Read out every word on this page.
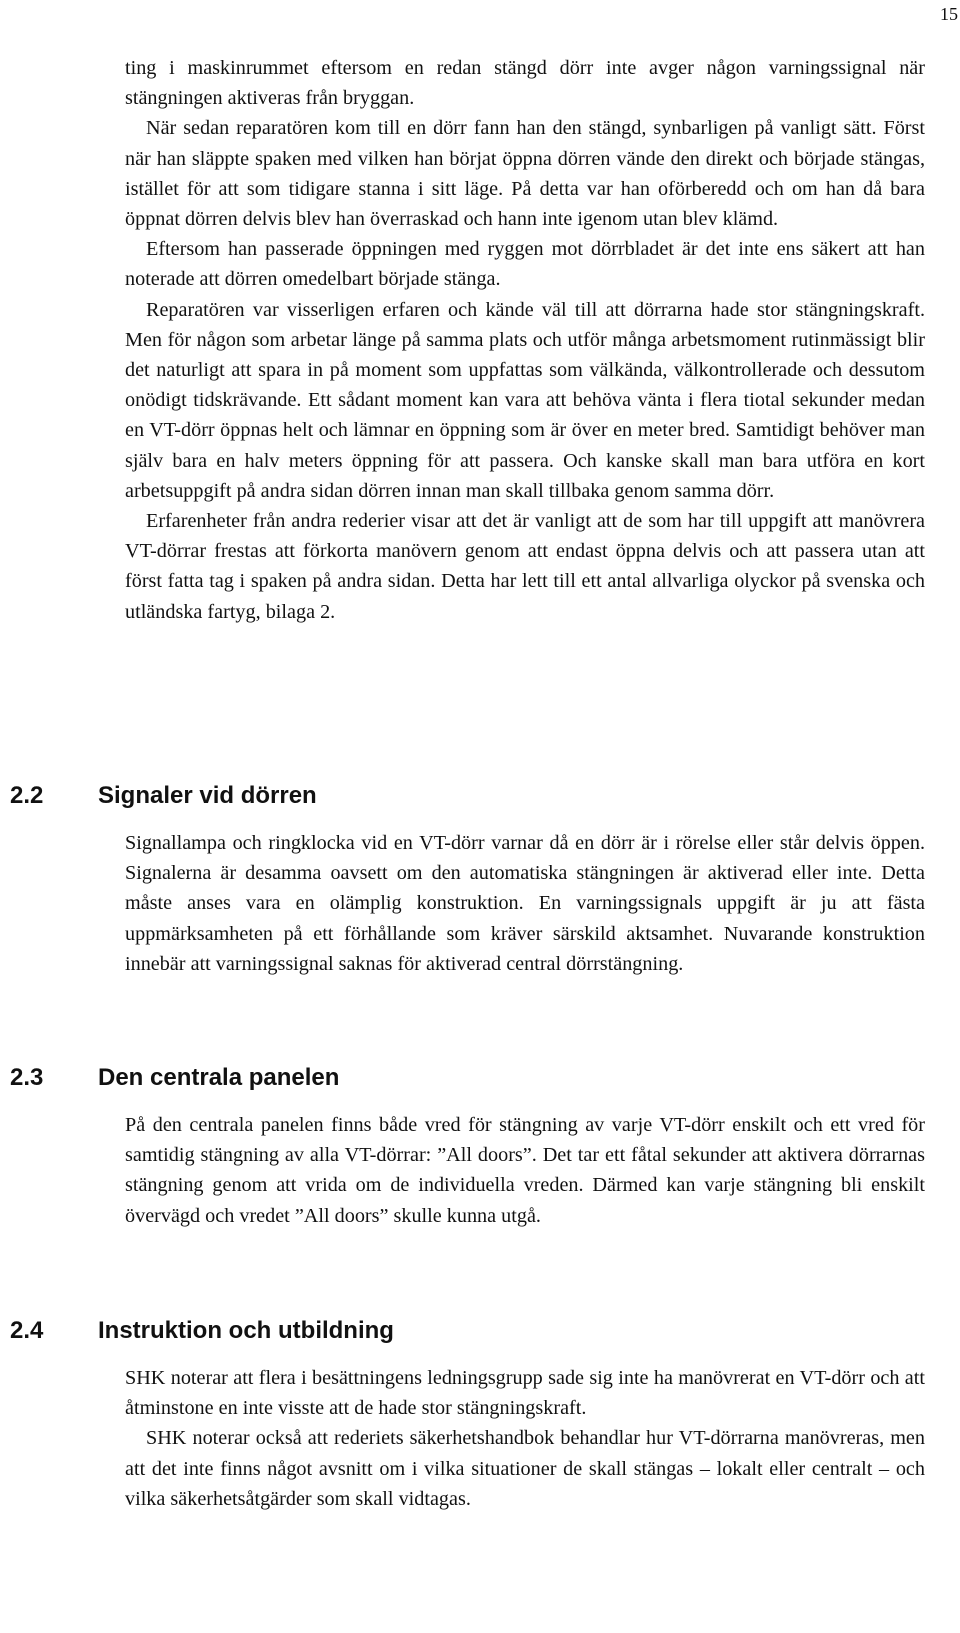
15

ting i maskinrummet eftersom en redan stängd dörr inte avger någon varningssignal när stängningen aktiveras från bryggan.

När sedan reparatören kom till en dörr fann han den stängd, synbarligen på vanligt sätt. Först när han släppte spaken med vilken han börjat öppna dörren vände den direkt och började stängas, istället för att som tidigare stanna i sitt läge. På detta var han oförberedd och om han då bara öppnat dörren delvis blev han överraskad och hann inte igenom utan blev klämd.

Eftersom han passerade öppningen med ryggen mot dörrbladet är det inte ens säkert att han noterade att dörren omedelbart började stänga.

Reparatören var visserligen erfaren och kände väl till att dörrarna hade stor stängningskraft. Men för någon som arbetar länge på samma plats och utför många arbetsmoment rutinmässigt blir det naturligt att spara in på moment som uppfattas som välkända, välkontrollerade och dessutom onödigt tidskrävande. Ett sådant moment kan vara att behöva vänta i flera tiotal sekunder medan en VT-dörr öppnas helt och lämnar en öppning som är över en meter bred. Samtidigt behöver man själv bara en halv meters öppning för att passera. Och kanske skall man bara utföra en kort arbetsuppgift på andra sidan dörren innan man skall tillbaka genom samma dörr.

Erfarenheter från andra rederier visar att det är vanligt att de som har till uppgift att manövrera VT-dörrar frestas att förkorta manövern genom att endast öppna delvis och att passera utan att först fatta tag i spaken på andra sidan. Detta har lett till ett antal allvarliga olyckor på svenska och utländska fartyg, bilaga 2.

2.2 Signaler vid dörren

Signallampa och ringklocka vid en VT-dörr varnar då en dörr är i rörelse eller står delvis öppen. Signalerna är desamma oavsett om den automatiska stängningen är aktiverad eller inte. Detta måste anses vara en olämplig konstruktion. En varningssignals uppgift är ju att fästa uppmärksamheten på ett förhållande som kräver särskild aktsamhet. Nuvarande konstruktion innebär att varningssignal saknas för aktiverad central dörrstängning.

2.3 Den centrala panelen

På den centrala panelen finns både vred för stängning av varje VT-dörr enskilt och ett vred för samtidig stängning av alla VT-dörrar: ”All doors”. Det tar ett fåtal sekunder att aktivera dörrarnas stängning genom att vrida om de individuella vreden. Därmed kan varje stängning bli enskilt övervägd och vredet ”All doors” skulle kunna utgå.

2.4 Instruktion och utbildning

SHK noterar att flera i besättningens ledningsgrupp sade sig inte ha manövrerat en VT-dörr och att åtminstone en inte visste att de hade stor stängningskraft.

SHK noterar också att rederiets säkerhetshandbok behandlar hur VT-dörrarna manövreras, men att det inte finns något avsnitt om i vilka situationer de skall stängas – lokalt eller centralt – och vilka säkerhetsåtgärder som skall vidtagas.
